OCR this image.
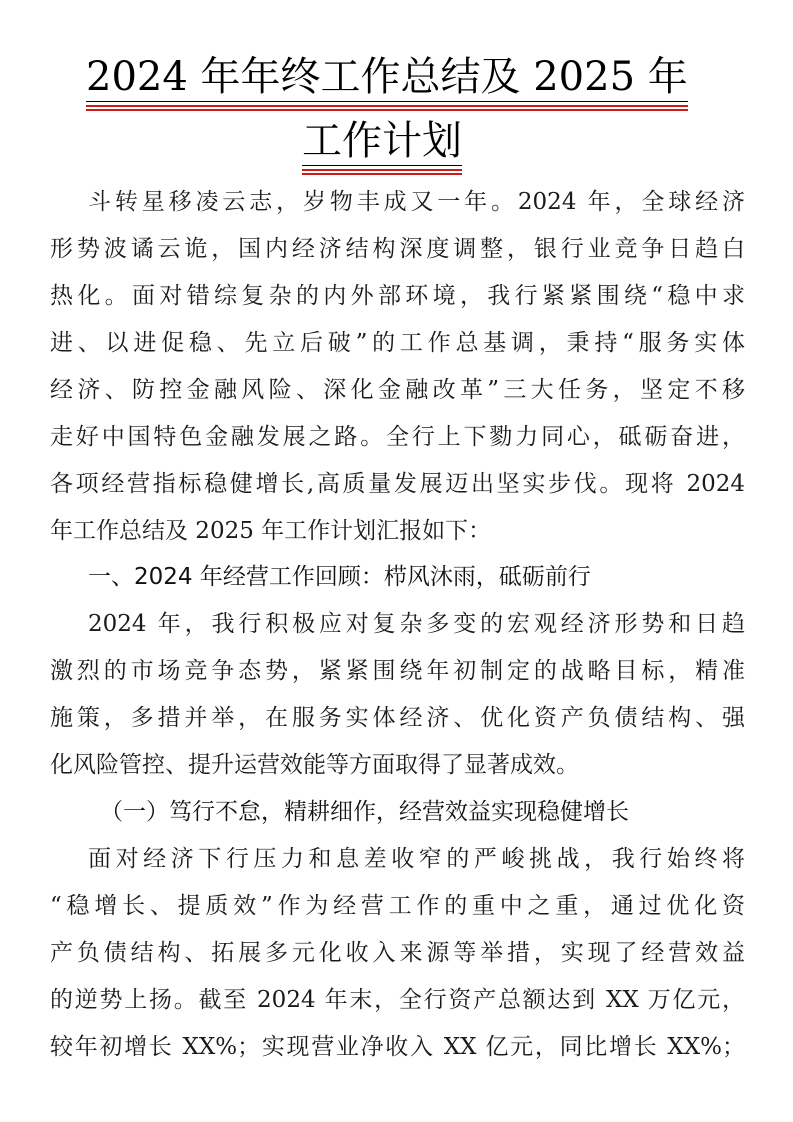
2024 年年终工作总结及 2025 年
工作计划
斗转星移凌云志，岁物丰成又一年。2024 年，全球经济
形势波谲云诡，国内经济结构深度调整，银行业竞争日趋白
热化。面对错综复杂的内外部环境，我行紧紧围绕“稳中求
进、以进促稳、先立后破”的工作总基调，秉持“服务实体
经济、防控金融风险、深化金融改革”三大任务，坚定不移
走好中国特色金融发展之路。全行上下勠力同心，砥砺奋进，
各项经营指标稳健增长,高质量发展迈出坚实步伐。现将 2024
年工作总结及 2025 年工作计划汇报如下：
一、2024 年经营工作回顾：栉风沐雨，砥砺前行
2024 年，我行积极应对复杂多变的宏观经济形势和日趋
激烈的市场竞争态势，紧紧围绕年初制定的战略目标，精准
施策，多措并举，在服务实体经济、优化资产负债结构、强
化风险管控、提升运营效能等方面取得了显著成效。
（一）笃行不怠，精耕细作，经营效益实现稳健增长
面对经济下行压力和息差收窄的严峻挑战，我行始终将
“稳增长、提质效”作为经营工作的重中之重，通过优化资
产负债结构、拓展多元化收入来源等举措，实现了经营效益
的逆势上扬。截至 2024 年末，全行资产总额达到 XX 万亿元，
较年初增长 XX%；实现营业净收入 XX 亿元，同比增长 XX%；
